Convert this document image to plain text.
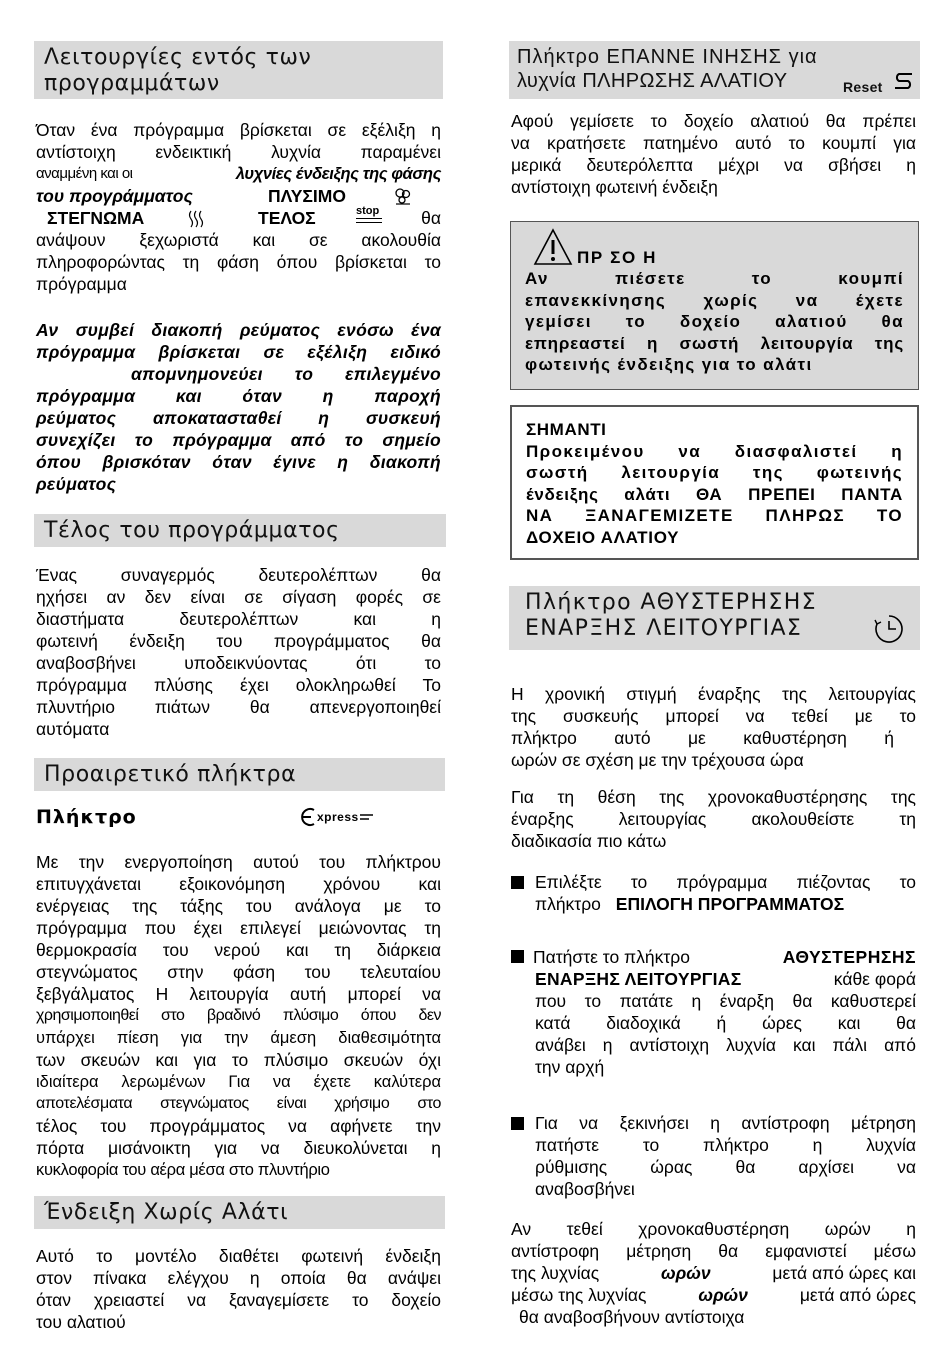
Λειτουργίες εντός των
προγραμμάτων
Όταν ένα πρόγραμμα βρίσκεται σε εξέλιξη η
αντίστοιχη ενδεικτική λυχνία παραμένει
αναμμένη και οι	λυχνίες ένδειξης της φάσης
του προγράμματος	ΠΛΥΣΙΜΟ
ΣΤΕΓΝΩΜΑ	ΤΕΛΟΣ	stop θα

ανάψουν ξεχωριστά και σε ακολουθία
πληροφορώντας τη φάση όπου βρίσκεται το
πρόγραμμα
Αν συμβεί διακοπή ρεύματος ενόσω ένα
πρόγραμμα βρίσκεται σε εξέλιξη ειδικό
απομνημονεύει το επιλεγμένο
πρόγραμμα και όταν η παροχή
ρεύματος αποκατασταθεί η συσκευή
συνεχίζει το πρόγραμμα από το σημείο
όπου βρισκόταν όταν έγινε η διακοπή
ρεύματος
Τέλος του προγράμματος
Ένας συναγερμός δευτερολέπτων θα
ηχήσει αν δεν είναι σε σίγαση φορές σε
διαστήματα δευτερολέπτων και η
φωτεινή ένδειξη του προγράμματος θα
αναβοσβήνει υποδεικνύοντας ότι το
πρόγραμμα πλύσης έχει ολοκληρωθεί Το
πλυντήριο πιάτων θα απενεργοποιηθεί
αυτόματα
Προαιρετικό πλήκτρα
Πλήκτρο	xpress
Με την ενεργοποίηση αυτού του πλήκτρου
επιτυγχάνεται εξοικονόμηση χρόνου και
ενέργειας της τάξης του ανάλογα με το
πρόγραμμα που έχει επιλεγεί μειώνοντας τη
θερμοκρασία του νερού και τη διάρκεια
στεγνώματος στην φάση του τελευταίου
ξεβγάλματος Η λειτουργία αυτή μπορεί να
χρησιμοποιηθεί στο βραδινό πλύσιμο όπου δεν
υπάρχει πίεση για την άμεση διαθεσιμότητα
των σκευών και για το πλύσιμο σκευών όχι
ιδιαίτερα λερωμένων Για να έχετε καλύτερα
αποτελέσματα στεγνώματος είναι χρήσιμο στο
τέλος του προγράμματος να αφήνετε την
πόρτα μισάνοικτη για να διευκολύνεται η
κυκλοφορία του αέρα μέσα στο πλυντήριο
Ένδειξη Χωρίς Αλάτι
Αυτό το μοντέλο διαθέτει φωτεινή ένδειξη
στον πίνακα ελέγχου η οποία θα ανάψει
όταν χρειαστεί να ξαναγεμίσετε το δοχείο
του αλατιού
Πλήκτρο ΕΠΑΝΝΕ ΙΝΗΣΗΣ για
λυχνία ΠΛΗΡΩΣΗΣ ΑΛΑΤΙΟΥ	Reset
Αφού γεμίσετε το δοχείο αλατιού θα πρέπει
να κρατήσετε πατημένο αυτό το κουμπί για
μερικά δευτερόλεπτα μέχρι να σβήσει η
αντίστοιχη φωτεινή ένδειξη
ΠΡ ΣΟ Η
Αν πιέσετε το κουμπί
επανεκκίνησης χωρίς να έχετε
γεμίσει το δοχείο αλατιού θα
επηρεαστεί η σωστή λειτουργία της
φωτεινής ένδειξης για το αλάτι
ΣΗΜΑΝΤΙ
Προκειμένου να διασφαλιστεί η
σωστή λειτουργία της φωτεινής
ένδειξης αλάτι ΘΑ ΠΡΕΠΕΙ ΠΑΝΤΑ
ΝΑ ΞΑΝΑΓΕΜΙΖΕΤΕ ΠΛΗΡΩΣ ΤΟ
ΔΟΧΕΙΟ ΑΛΑΤΙΟΥ
Πλήκτρο ΑΘΥΣΤΕΡΗΣΗΣ
ΕΝΑΡΞΗΣ ΛΕΙΤΟΥΡΓΙΑΣ
Η χρονική στιγμή έναρξης της λειτουργίας
της συσκευής μπορεί να τεθεί με το
πλήκτρο αυτό με καθυστέρηση ή
ωρών σε σχέση με την τρέχουσα ώρα
Για τη θέση της χρονοκαθυστέρησης της
έναρξης λειτουργίας ακολουθείστε τη
διαδικασία πιο κάτω
Επιλέξτε το πρόγραμμα πιέζοντας το
πλήκτρο ΕΠΙΛΟΓΗ ΠΡΟΓΡΑΜΜΑΤΟΣ
Πατήστε το πλήκτρο	ΑΘΥΣΤΕΡΗΣΗΣ
ΕΝΑΡΞΗΣ ΛΕΙΤΟΥΡΓΙΑΣ	κάθε φορά
που το πατάτε η έναρξη θα καθυστερεί
κατά διαδοχικά ή ώρες και θα
ανάβει η αντίστοιχη λυχνία και πάλι από
την αρχή
Για να ξεκινήσει η αντίστροφη μέτρηση
πατήστε το πλήκτρο η λυχνία
ρύθμισης ώρας θα αρχίσει να
αναβοσβήνει
Αν τεθεί χρονοκαθυστέρηση ωρών η
αντίστροφη μέτρηση θα εμφανιστεί μέσω
της λυχνίας	ωρών	μετά από ώρες και
μέσω της λυχνίας	ωρών	μετά από ώρες
θα αναβοσβήνουν αντίστοιχα
